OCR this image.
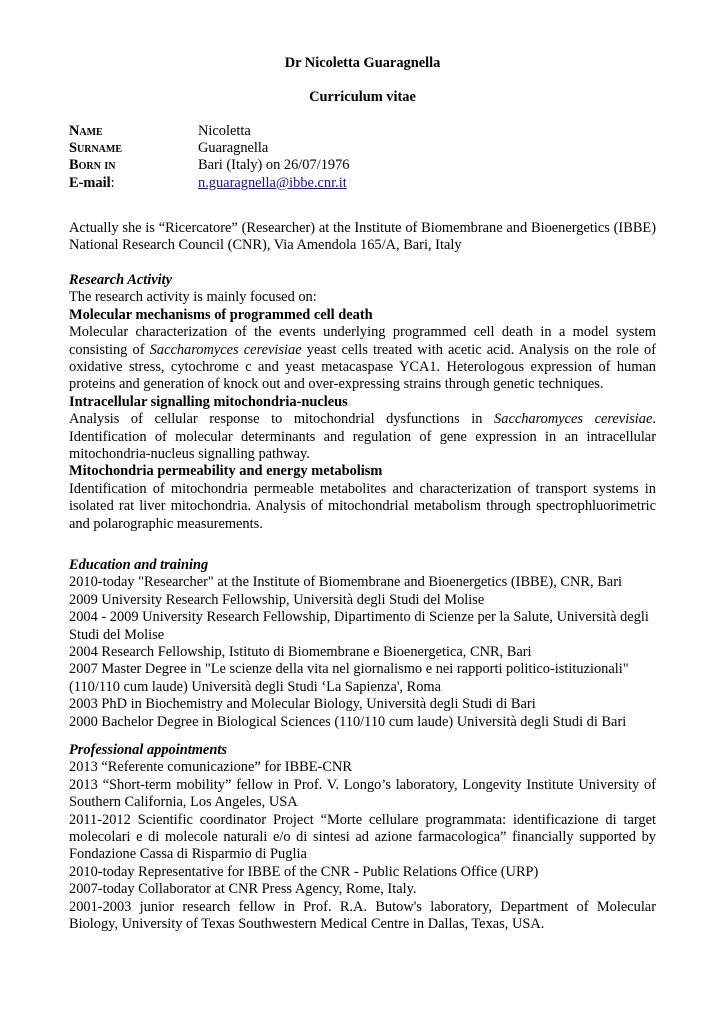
Dr Nicoletta Guaragnella
Curriculum vitae
Name	Nicoletta
Surname	Guaragnella
Born in	Bari (Italy) on 26/07/1976
E-mail:	n.guaragnella@ibbe.cnr.it

Actually she is “Ricercatore” (Researcher) at the Institute of Biomembrane and Bioenergetics (IBBE) National Research Council (CNR), Via Amendola 165/A, Bari, Italy

Research Activity
The research activity is mainly focused on:
Molecular mechanisms of programmed cell death

Molecular characterization of the events underlying programmed cell death in a model system consisting of Saccharomyces cerevisiae yeast cells treated with acetic acid. Analysis on the role of oxidative stress, cytochrome c and yeast metacaspase YCA1. Heterologous expression of human proteins and generation of knock out and over-expressing strains through genetic techniques.

Intracellular signalling mitochondria-nucleus

Analysis of cellular response to mitochondrial dysfunctions in Saccharomyces cerevisiae. Identification of molecular determinants and regulation of gene expression in an intracellular mitochondria-nucleus signalling pathway.

Mitochondria permeability and energy metabolism

Identification of mitochondria permeable metabolites and characterization of transport systems in isolated rat liver mitochondria. Analysis of mitochondrial metabolism through spectrophluorimetric and polarographic measurements.

Education and training
2010-today "Researcher" at the Institute of Biomembrane and Bioenergetics (IBBE), CNR, Bari
2009 University Research Fellowship, Università degli Studi del Molise
2004 - 2009 University Research Fellowship, Dipartimento di Scienze per la Salute, Università degli Studi del Molise
2004 Research Fellowship, Istituto di Biomembrane e Bioenergetica, CNR, Bari
2007 Master Degree in "Le scienze della vita nel giornalismo e nei rapporti politico-istituzionali" (110/110 cum laude) Università degli Studi ‘La Sapienza', Roma
2003 PhD in Biochemistry and Molecular Biology, Università degli Studi di Bari
2000 Bachelor Degree in Biological Sciences (110/110 cum laude) Università degli Studi di Bari
Professional appointments

2013 “Referente comunicazione” for IBBE-CNR

2013 “Short-term mobility” fellow in Prof. V. Longo’s laboratory, Longevity Institute University of Southern California, Los Angeles, USA

2011-2012 Scientific coordinator Project “Morte cellulare programmata: identificazione di target molecolari e di molecole naturali e/o di sintesi ad azione farmacologica” financially supported by Fondazione Cassa di Risparmio di Puglia

2010-today Representative for IBBE of the CNR - Public Relations Office (URP)

2007-today Collaborator at CNR Press Agency, Rome, Italy.

2001-2003 junior research fellow in Prof. R.A. Butow's laboratory, Department of Molecular Biology, University of Texas Southwestern Medical Centre in Dallas, Texas, USA.
